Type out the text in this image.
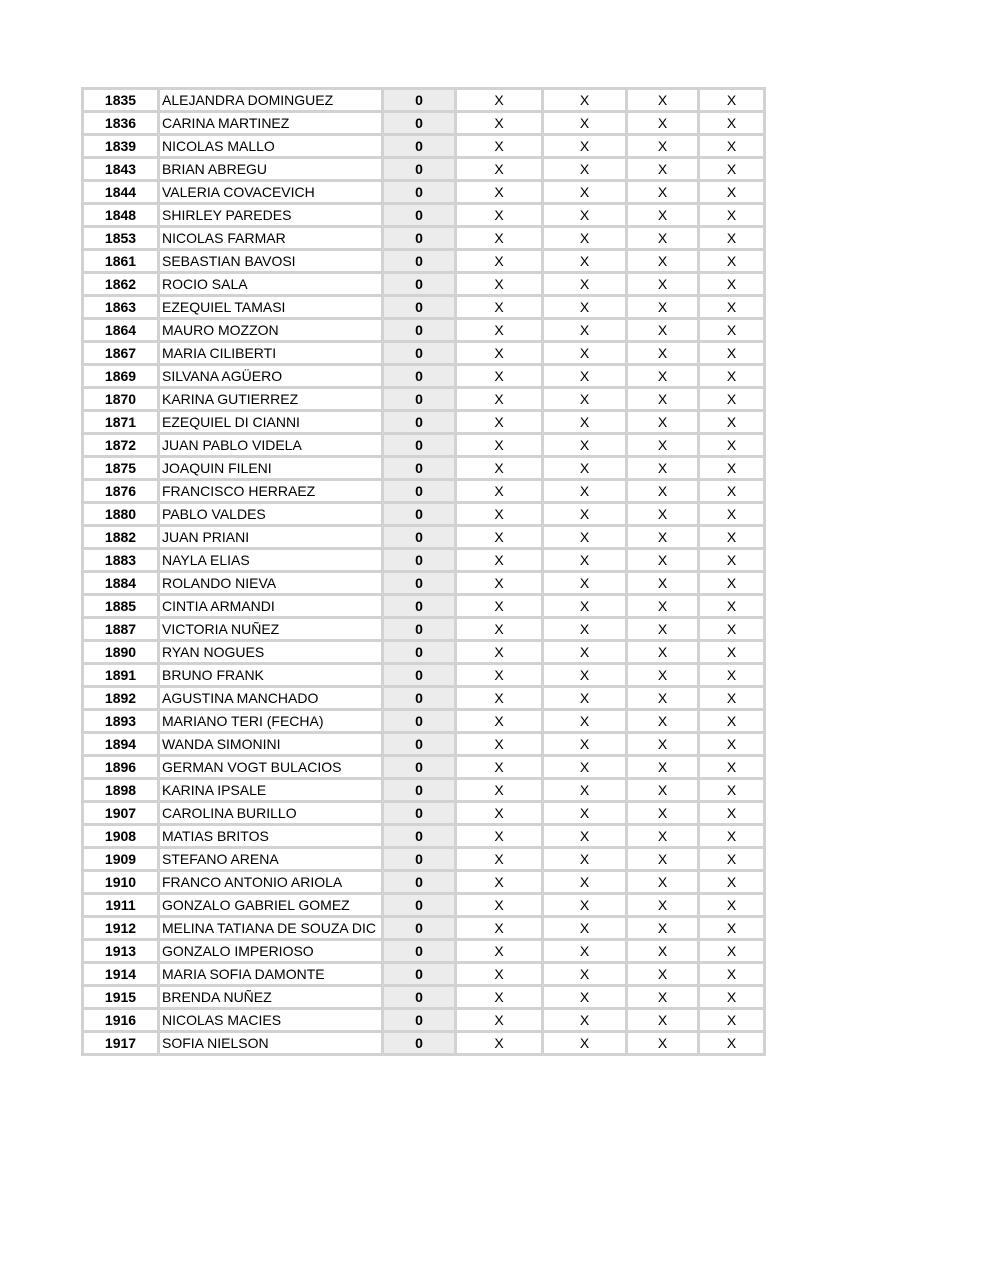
1835	ALEJANDRA DOMINGUEZ	0	X	X	X	X
1836	CARINA MARTINEZ	0	X	X	X	X
1839	NICOLAS MALLO	0	X	X	X	X
1843	BRIAN ABREGU	0	X	X	X	X
1844	VALERIA COVACEVICH	0	X	X	X	X
1848	SHIRLEY PAREDES	0	X	X	X	X
1853	NICOLAS FARMAR	0	X	X	X	X
1861	SEBASTIAN BAVOSI	0	X	X	X	X
1862	ROCIO SALA	0	X	X	X	X
1863	EZEQUIEL TAMASI	0	X	X	X	X
1864	MAURO MOZZON	0	X	X	X	X
1867	MARIA CILIBERTI	0	X	X	X	X
1869	SILVANA AGÜERO	0	X	X	X	X
1870	KARINA GUTIERREZ	0	X	X	X	X
1871	EZEQUIEL DI CIANNI	0	X	X	X	X
1872	JUAN PABLO VIDELA	0	X	X	X	X
1875	JOAQUIN FILENI	0	X	X	X	X
1876	FRANCISCO HERRAEZ	0	X	X	X	X
1880	PABLO VALDES	0	X	X	X	X
1882	JUAN PRIANI	0	X	X	X	X
1883	NAYLA ELIAS	0	X	X	X	X
1884	ROLANDO NIEVA	0	X	X	X	X
1885	CINTIA ARMANDI	0	X	X	X	X
1887	VICTORIA NUÑEZ	0	X	X	X	X
1890	RYAN NOGUES	0	X	X	X	X
1891	BRUNO FRANK	0	X	X	X	X
1892	AGUSTINA MANCHADO	0	X	X	X	X
1893	MARIANO TERI (FECHA)	0	X	X	X	X
1894	WANDA SIMONINI	0	X	X	X	X
1896	GERMAN VOGT BULACIOS	0	X	X	X	X
1898	KARINA IPSALE	0	X	X	X	X
1907	CAROLINA BURILLO	0	X	X	X	X
1908	MATIAS BRITOS	0	X	X	X	X
1909	STEFANO ARENA	0	X	X	X	X
1910	FRANCO ANTONIO ARIOLA	0	X	X	X	X
1911	GONZALO GABRIEL GOMEZ	0	X	X	X	X
1912	MELINA TATIANA DE SOUZA DIC	0	X	X	X	X
1913	GONZALO IMPERIOSO	0	X	X	X	X
1914	MARIA SOFIA DAMONTE	0	X	X	X	X
1915	BRENDA NUÑEZ	0	X	X	X	X
1916	NICOLAS MACIES	0	X	X	X	X
1917	SOFIA NIELSON	0	X	X	X	X
